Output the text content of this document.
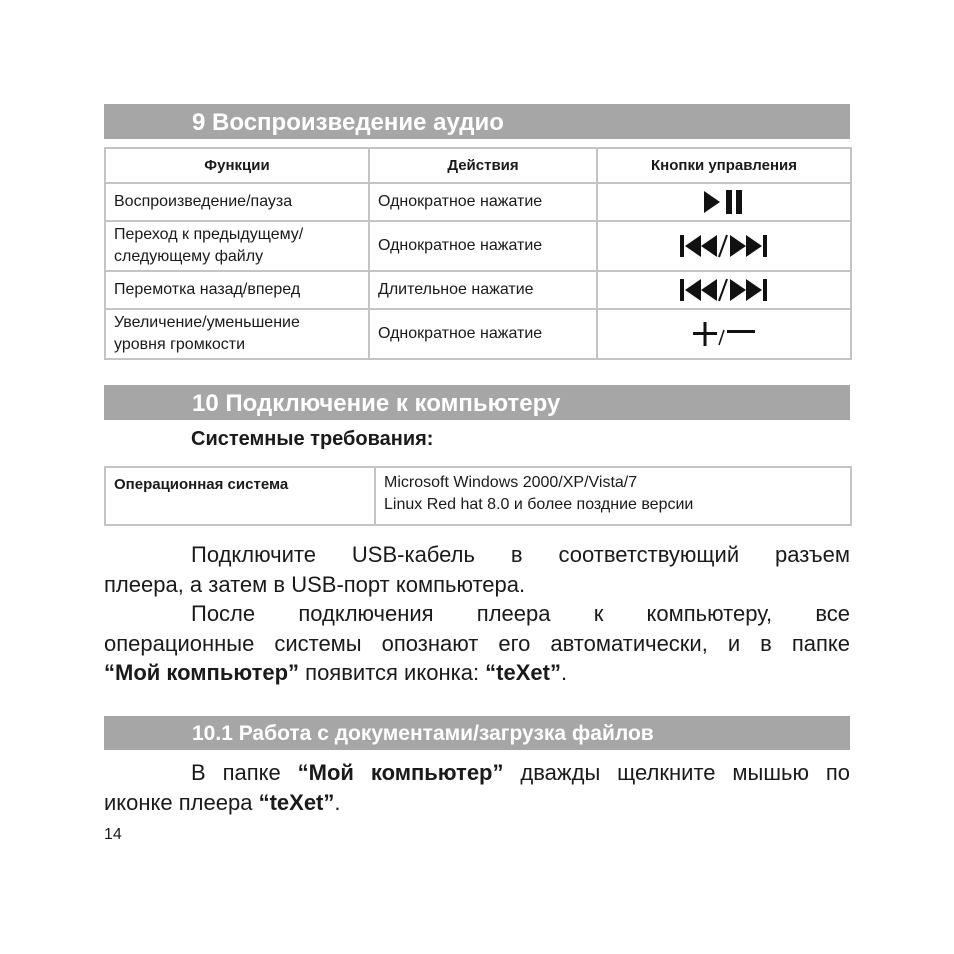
9 Воспроизведение аудио
Функции	Действия	Кнопки управления
Воспроизведение/пауза	Однократное нажатие	
Переход к предыдущему/
следующему файлу	Однократное нажатие	
Перемотка назад/вперед	Длительное нажатие	
Увеличение/уменьшение
уровня громкости	Однократное нажатие	
10 Подключение к компьютеру
Системные требования:
Операционная система	Microsoft Windows 2000/XP/Vista/7
Linux Red hat 8.0 и более поздние версии
Подключите USB-кабель в соответствующий разъем
плеера, а затем в USB-порт компьютера.
После подключения плеера к компьютеру, все
операционные системы опознают его автоматически, и в папке
“Мой компьютер” появится иконка: “teXet”.
10.1 Работа с документами/загрузка файлов
В папке “Мой компьютер” дважды щелкните мышью по
иконке плеера “teXet”.
14
